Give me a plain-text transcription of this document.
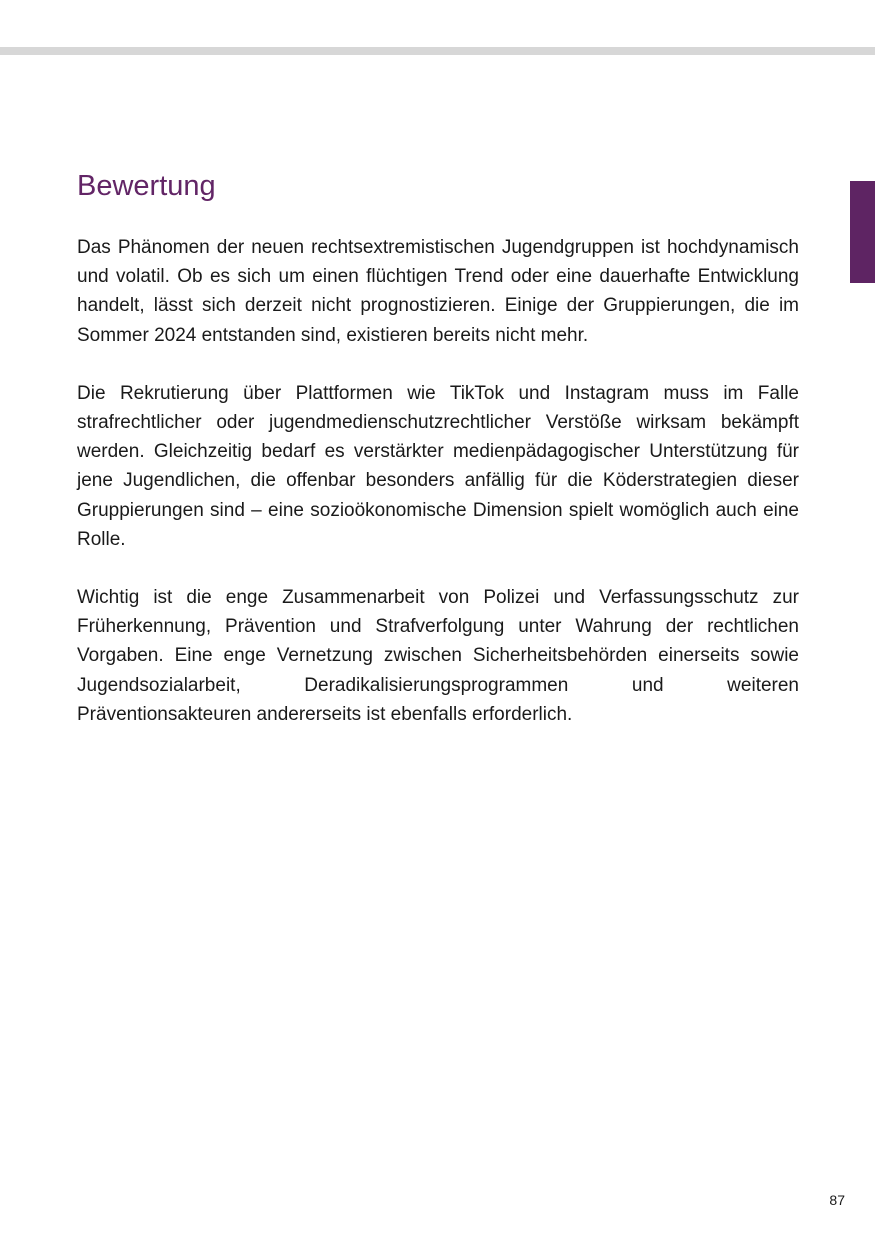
Bewertung

Das Phänomen der neuen rechtsextremistischen Jugendgruppen ist hochdynamisch und volatil. Ob es sich um einen flüchtigen Trend oder eine dauerhafte Entwicklung handelt, lässt sich derzeit nicht prognostizieren. Einige der Gruppierungen, die im Sommer 2024 entstanden sind, existieren bereits nicht mehr.

Die Rekrutierung über Plattformen wie TikTok und Instagram muss im Falle strafrechtlicher oder jugendmedienschutzrechtlicher Verstöße wirksam bekämpft werden. Gleichzeitig bedarf es verstärkter medienpädagogischer Unterstützung für jene Jugendlichen, die offenbar besonders anfällig für die Köderstrategien dieser Gruppierungen sind – eine sozioökonomische Dimension spielt womöglich auch eine Rolle.

Wichtig ist die enge Zusammenarbeit von Polizei und Verfassungsschutz zur Früherkennung, Prävention und Strafverfolgung unter Wahrung der rechtlichen Vorgaben. Eine enge Vernetzung zwischen Sicherheitsbehörden einerseits sowie Jugendsozialarbeit, Deradikalisierungsprogrammen und weiteren Präventionsakteuren andererseits ist ebenfalls erforderlich.

87
